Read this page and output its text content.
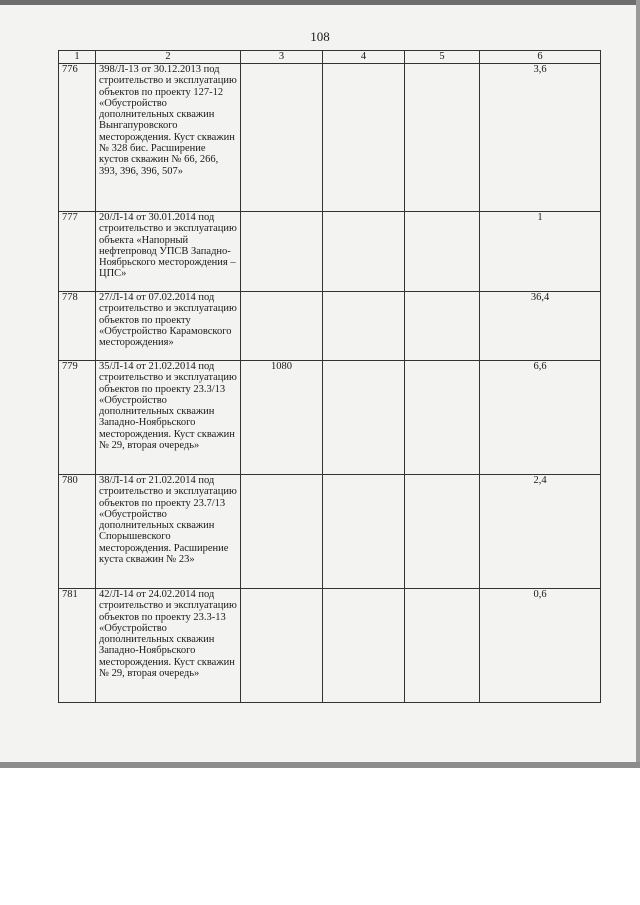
108
1	2	3	4	5	6
776	398/Л-13 от 30.12.2013 под строительство и эксплуатацию объектов по проекту 127-12 «Обустройство дополнительных скважин Вынгапуровского месторождения. Куст скважин № 328 бис. Расширение кустов скважин № 66, 266, 393, 396, 396, 507»				3,6
777	20/Л-14 от 30.01.2014 под строительство и эксплуатацию объекта «Напорный нефтепровод УПСВ Западно-Ноябрьского месторождения – ЦПС»				1
778	27/Л-14 от 07.02.2014 под строительство и эксплуатацию объектов по проекту «Обустройство Карамовского месторождения»				36,4
779	35/Л-14 от 21.02.2014 под строительство и эксплуатацию объектов по проекту 23.3/13 «Обустройство дополнительных скважин Западно-Ноябрьского месторождения. Куст скважин № 29, вторая очередь»	1080			6,6
780	38/Л-14 от 21.02.2014 под строительство и эксплуатацию объектов по проекту 23.7/13 «Обустройство дополнительных скважин Спорышевского месторождения. Расширение куста скважин № 23»				2,4
781	42/Л-14 от 24.02.2014 под строительство и эксплуатацию объектов по проекту 23.3-13 «Обустройство дополнительных скважин Западно-Ноябрьского месторождения. Куст скважин № 29, вторая очередь»				0,6
